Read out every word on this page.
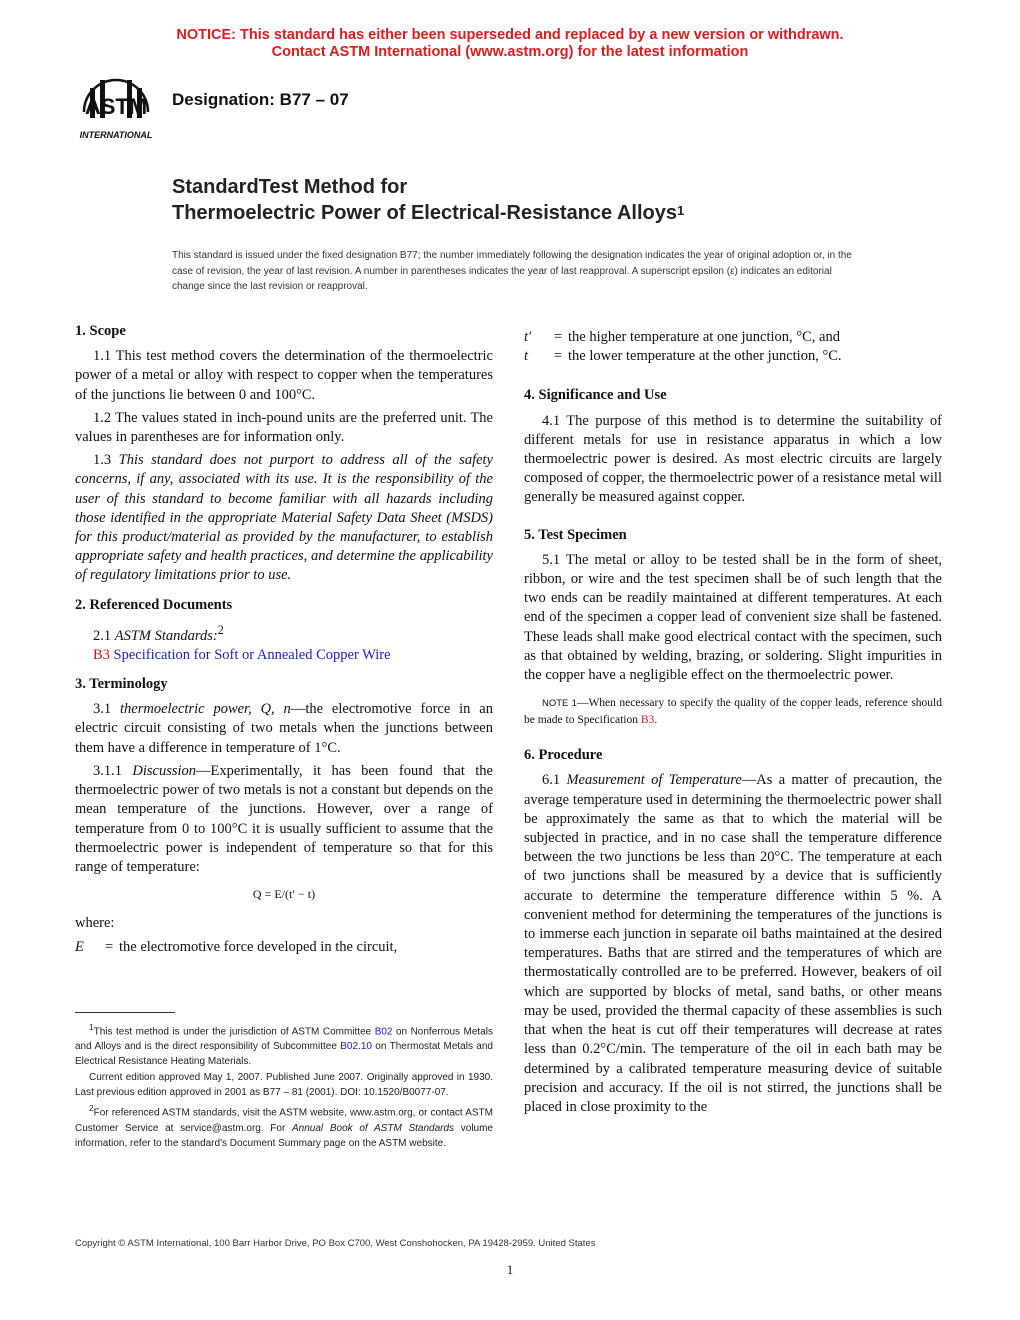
NOTICE: This standard has either been superseded and replaced by a new version or withdrawn.
Contact ASTM International (www.astm.org) for the latest information
ASTM
INTERNATIONAL
Designation: B77 – 07
StandardTest Method for
Thermoelectric Power of Electrical-Resistance Alloys$^1$
This standard is issued under the fixed designation B77; the number immediately following the designation indicates the year of original adoption or, in the case of revision, the year of last revision. A number in parentheses indicates the year of last reapproval. A superscript epsilon (ε) indicates an editorial change since the last revision or reapproval.
1. Scope

1.1 This test method covers the determination of the thermoelectric power of a metal or alloy with respect to copper when the temperatures of the junctions lie between 0 and 100°C.

1.2 The values stated in inch-pound units are the preferred unit. The values in parentheses are for information only.

1.3 This standard does not purport to address all of the safety concerns, if any, associated with its use. It is the responsibility of the user of this standard to become familiar with all hazards including those identified in the appropriate Material Safety Data Sheet (MSDS) for this product/material as provided by the manufacturer, to establish appropriate safety and health practices, and determine the applicability of regulatory limitations prior to use.

2. Referenced Documents

2.1 ASTM Standards:$^2$

B3 Specification for Soft or Annealed Copper Wire
3. Terminology

3.1 thermoelectric power, Q, n—the electromotive force in an electric circuit consisting of two metals when the junctions between them have a difference in temperature of 1°C.

3.1.1 Discussion—Experimentally, it has been found that the thermoelectric power of two metals is not a constant but depends on the mean temperature of the junctions. However, over a range of temperature from 0 to 100°C it is usually sufficient to assume that the thermoelectric power is independent of temperature so that for this range of temperature:

Q = E/(t′ − t)
where:
E	= the electromotive force developed in the circuit,

$^1$This test method is under the jurisdiction of ASTM Committee B02 on Nonferrous Metals and Alloys and is the direct responsibility of Subcommittee B02.10 on Thermostat Metals and Electrical Resistance Heating Materials.

Current edition approved May 1, 2007. Published June 2007. Originally approved in 1930. Last previous edition approved in 2001 as B77 – 81 (2001). DOI: 10.1520/B0077-07.

$^2$For referenced ASTM standards, visit the ASTM website, www.astm.org, or contact ASTM Customer Service at service@astm.org. For Annual Book of ASTM Standards volume information, refer to the standard's Document Summary page on the ASTM website.

t′	= the higher temperature at one junction, °C, and
t	= the lower temperature at the other junction, °C.
4. Significance and Use

4.1 The purpose of this method is to determine the suitability of different metals for use in resistance apparatus in which a low thermoelectric power is desired. As most electric circuits are largely composed of copper, the thermoelectric power of a resistance metal will generally be measured against copper.

5. Test Specimen

5.1 The metal or alloy to be tested shall be in the form of sheet, ribbon, or wire and the test specimen shall be of such length that the two ends can be readily maintained at different temperatures. At each end of the specimen a copper lead of convenient size shall be fastened. These leads shall make good electrical contact with the specimen, such as that obtained by welding, brazing, or soldering. Slight impurities in the copper have a negligible effect on the thermoelectric power.

NOTE 1—When necessary to specify the quality of the copper leads, reference should be made to Specification B3.
6. Procedure

6.1 Measurement of Temperature—As a matter of precaution, the average temperature used in determining the thermoelectric power shall be approximately the same as that to which the material will be subjected in practice, and in no case shall the temperature difference between the two junctions be less than 20°C. The temperature at each of two junctions shall be measured by a device that is sufficiently accurate to determine the temperature difference within 5 %. A convenient method for determining the temperatures of the junctions is to immerse each junction in separate oil baths maintained at the desired temperatures. Baths that are stirred and the temperatures of which are thermostatically controlled are to be preferred. However, beakers of oil which are supported by blocks of metal, sand baths, or other means may be used, provided the thermal capacity of these assemblies is such that when the heat is cut off their temperatures will decrease at rates less than 0.2°C/min. The temperature of the oil in each bath may be determined by a calibrated temperature measuring device of suitable precision and accuracy. If the oil is not stirred, the junctions shall be placed in close proximity to the

Copyright © ASTM International, 100 Barr Harbor Drive, PO Box C700, West Conshohocken, PA 19428-2959. United States
1
